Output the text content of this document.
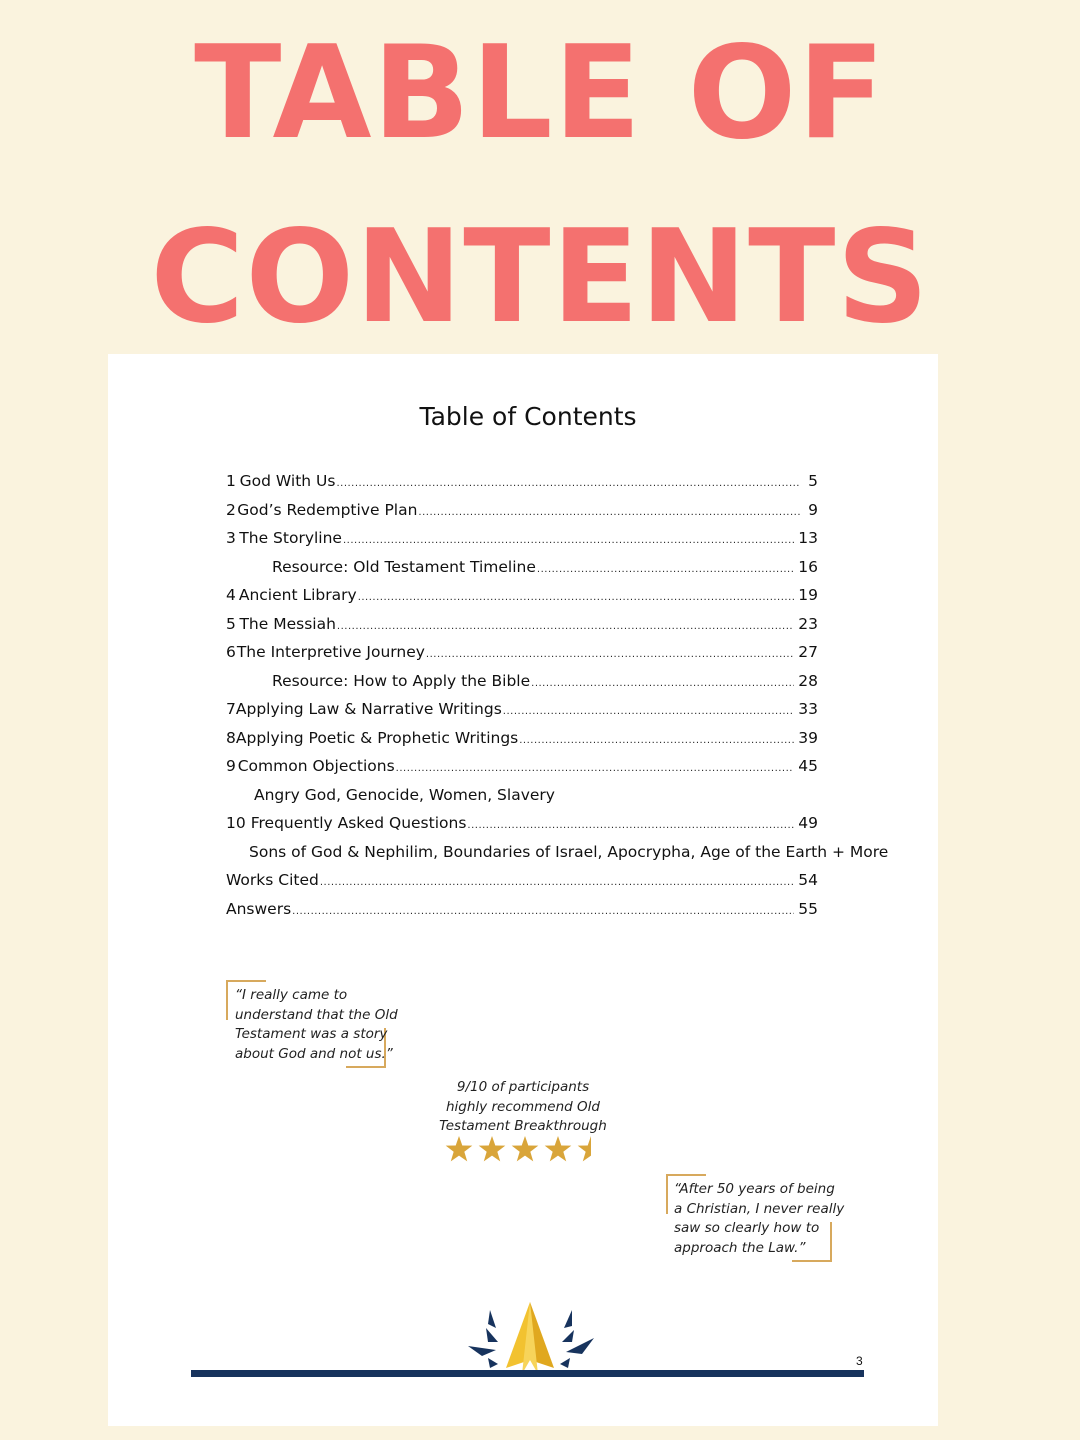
TABLE OF
CONTENTS
Table of Contents
1 God With Us .....	5
2 God’s Redemptive Plan .....	9
3 The Storyline .....	13
Resource: Old Testament Timeline .....	16
4 Ancient Library .....	19
5 The Messiah .....	23
6 The Interpretive Journey .....	27
Resource: How to Apply the Bible .....	28
7 Applying Law & Narrative Writings .....	33
8 Applying Poetic & Prophetic Writings .....	39
9 Common Objections .....	45
Angry God, Genocide, Women, Slavery
10 Frequently Asked Questions .....	49
Sons of God & Nephilim, Boundaries of Israel, Apocrypha, Age of the Earth + More
Works Cited .....	54
Answers .....	55
“I really came to
understand that the Old
Testament was a story
about God and not us.”
9/10 of participants
highly recommend Old
Testament Breakthrough
“After 50 years of being
a Christian, I never really
saw so clearly how to
approach the Law.”
3
